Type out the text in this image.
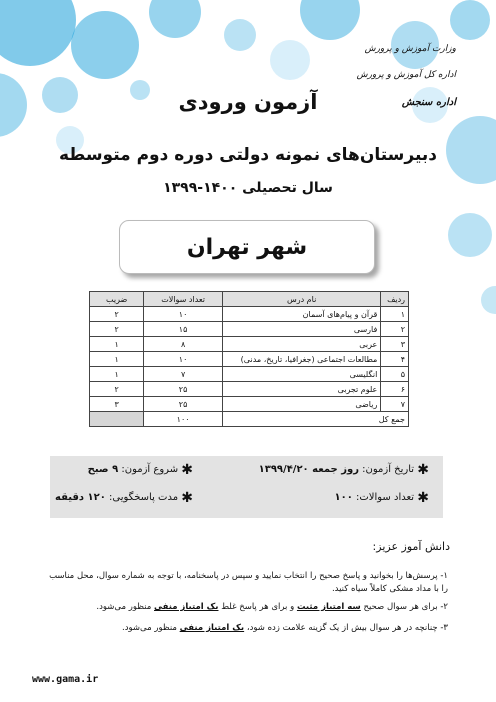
وزارت آموزش و پرورش
اداره کل آموزش و پرورش
اداره سنجش
آزمون ورودی
دبیرستان‌های نمونه دولتی دوره دوم متوسطه
سال تحصیلی ۱۴۰۰-۱۳۹۹
شهر تهران
ردیف	نام درس	تعداد سوالات	ضریب
۱	قرآن و پیام‌های آسمان	۱۰	۲
۲	فارسی	۱۵	۲
۳	عربی	۸	۱
۴	مطالعات اجتماعی (جغرافیا، تاریخ، مدنی)	۱۰	۱
۵	انگلیسی	۷	۱
۶	علوم تجربی	۲۵	۲
۷	ریاضی	۲۵	۳
جمع کل		۱۰۰	
✱ تاریخ آزمون: روز جمعه ۱۳۹۹/۴/۲۰
✱ شروع آزمون: ۹ صبح
✱ تعداد سوالات: ۱۰۰
✱ مدت پاسخگویی: ۱۲۰ دقیقه
دانش آموز عزیز:
۱- پرسش‌ها را بخوانید و پاسخ صحیح را انتخاب نمایید و سپس در پاسخنامه، با توجه به شماره سوال، محل مناسب را با مداد مشکی کاملاً سیاه کنید.
۲- برای هر سوال صحیح سه امتیاز مثبت و برای هر پاسخ غلط یک امتیاز منفی منظور می‌شود.
۳- چنانچه در هر سوال بیش از یک گزینه علامت زده شود، یک امتیاز منفی منظور می‌شود.
www.gama.ir
